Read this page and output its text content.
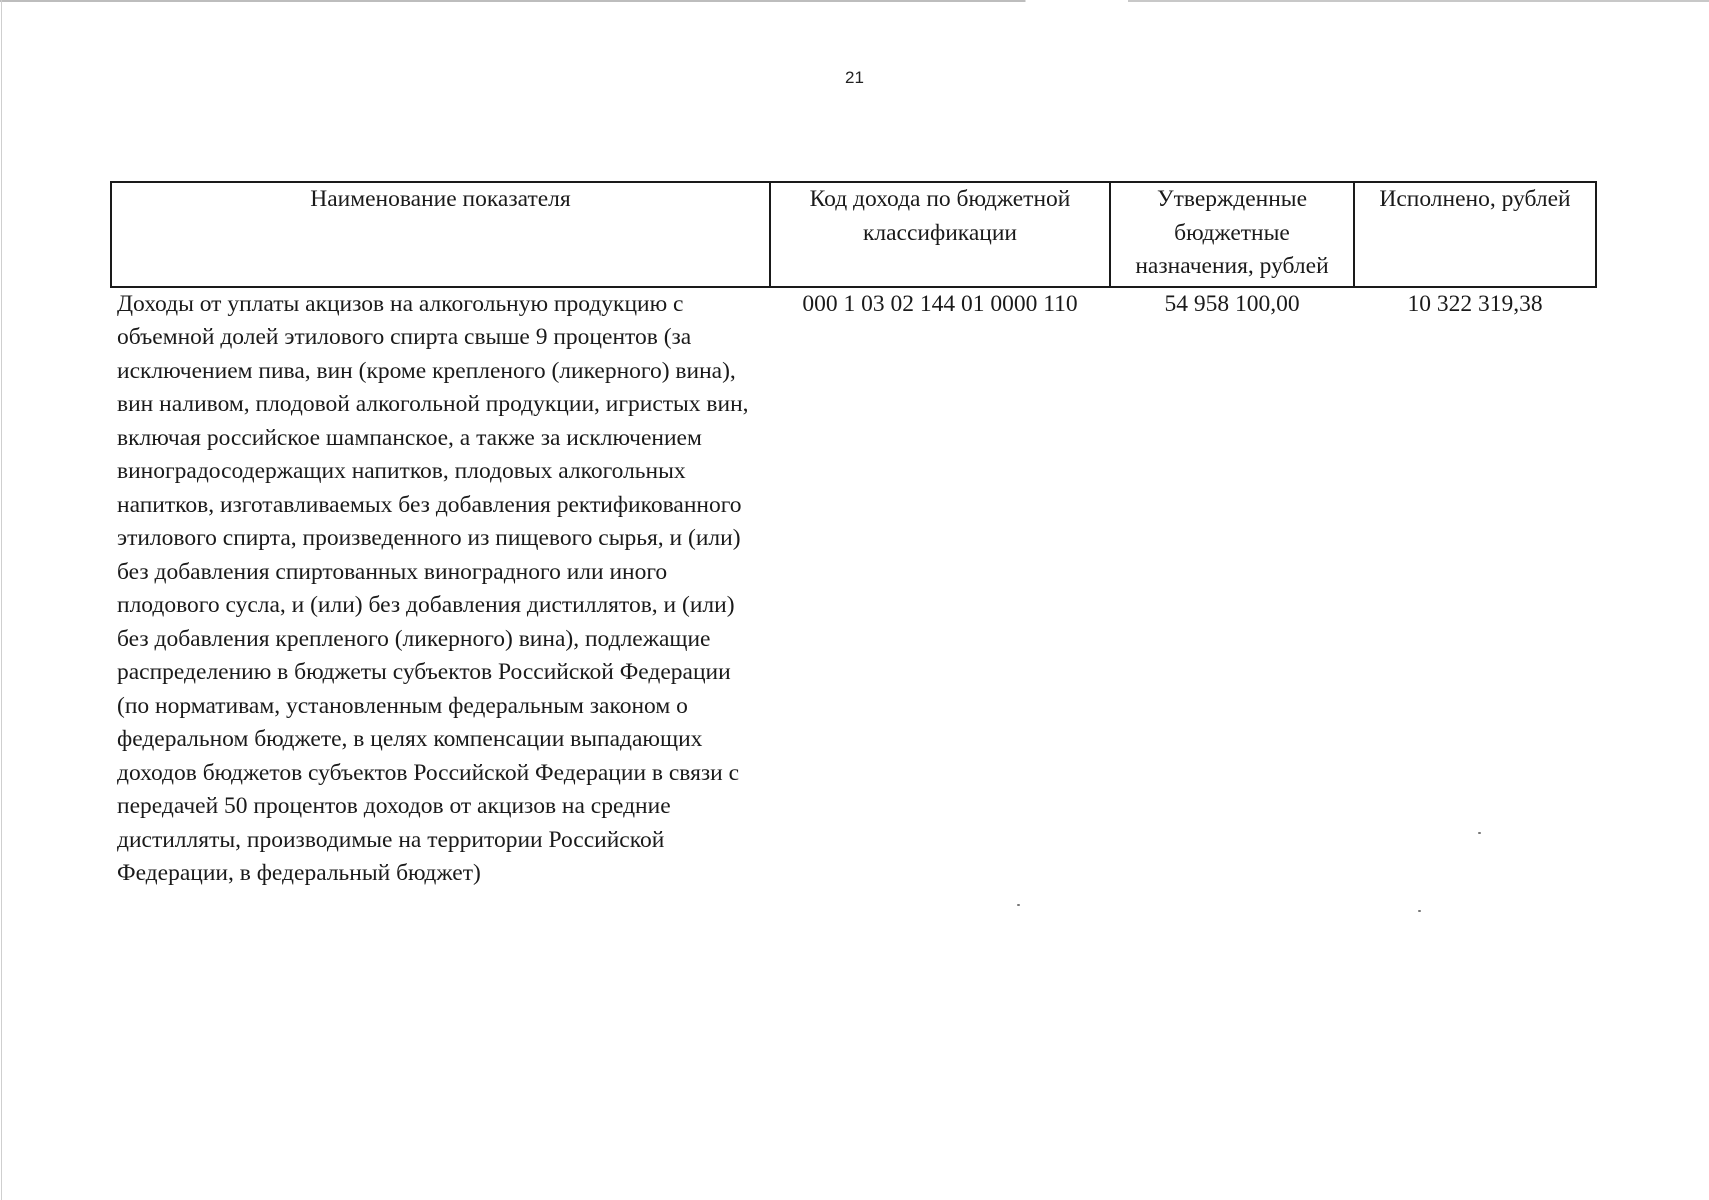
21
Наименование показателя	Код дохода по бюджетной классификации	Утвержденные бюджетные назначения, рублей	Исполнено, рублей
Доходы от уплаты акцизов на алкогольную продукцию с объемной долей этилового спирта свыше 9 процентов (за исключением пива, вин (кроме крепленого (ликерного) вина), вин наливом, плодовой алкогольной продукции, игристых вин, включая российское шампанское, а также за исключением виноградосодержащих напитков, плодовых алкогольных напитков, изготавливаемых без добавления ректификованного этилового спирта, произведенного из пищевого сырья, и (или) без добавления спиртованных виноградного или иного плодового сусла, и (или) без добавления дистиллятов, и (или) без добавления крепленого (ликерного) вина), подлежащие распределению в бюджеты субъектов Российской Федерации (по нормативам, установленным федеральным законом о федеральном бюджете, в целях компенсации выпадающих доходов бюджетов субъектов Российской Федерации в связи с передачей 50 процентов доходов от акцизов на средние дистилляты, производимые на территории Российской Федерации, в федеральный бюджет)	000 1 03 02 144 01 0000 110	54 958 100,00	10 322 319,38
